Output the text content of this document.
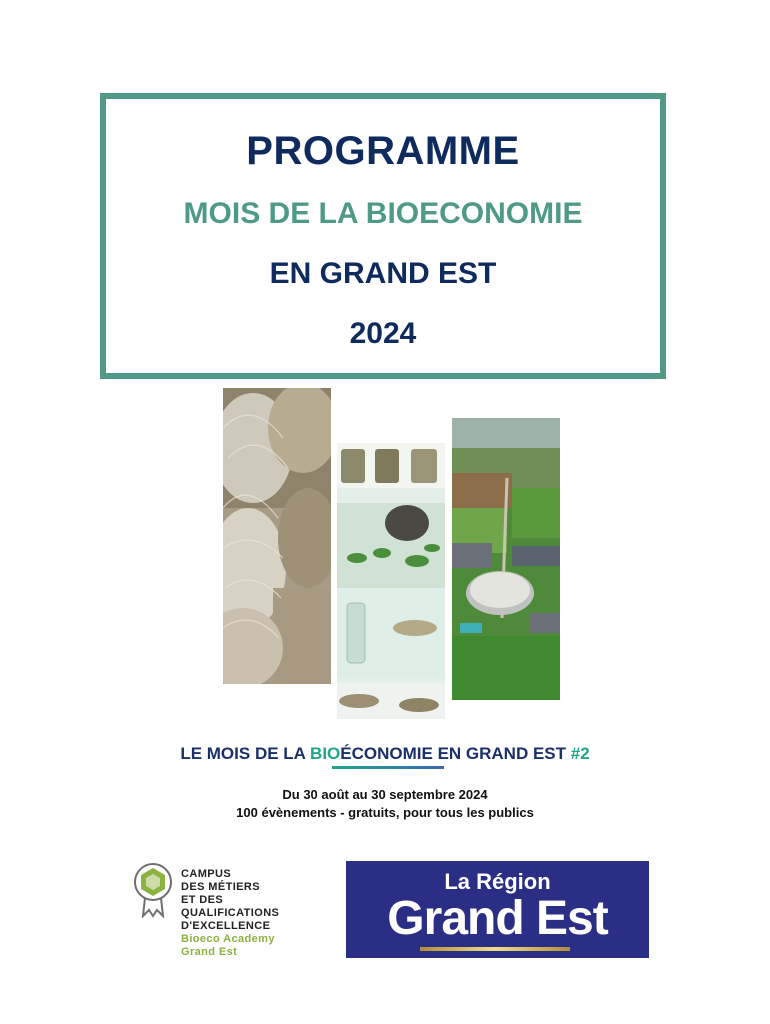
PROGRAMME
MOIS DE LA BIOECONOMIE
EN GRAND EST
2024
LE MOIS DE LA BIOÉCONOMIE EN GRAND EST #2
Du 30 août au 30 septembre 2024
100 évènements - gratuits, pour tous les publics
CAMPUS
DES MÉTIERS
ET DES
QUALIFICATIONS
D'EXCELLENCE
Bioeco Academy
Grand Est
La Région
Grand Est
